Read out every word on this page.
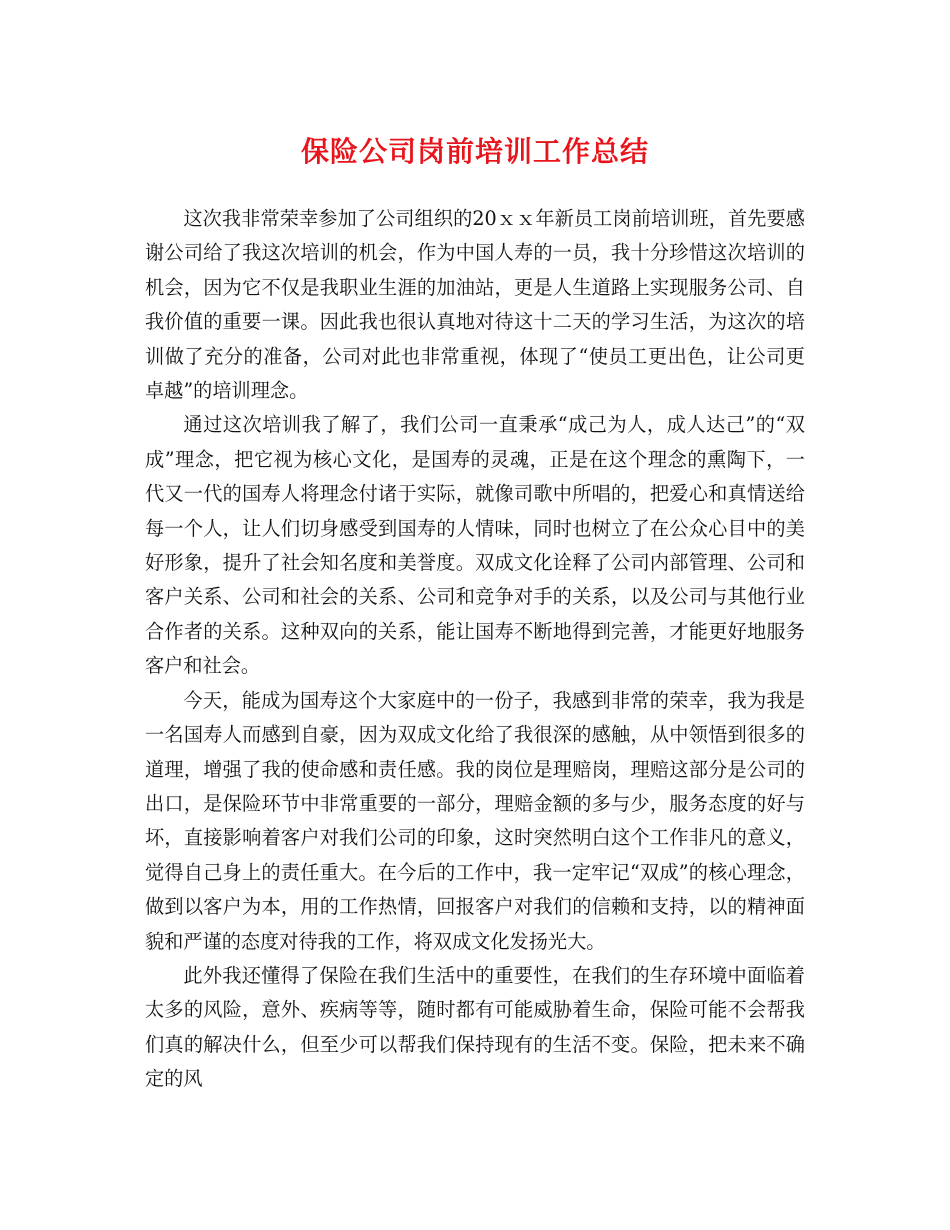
保险公司岗前培训工作总结

这次我非常荣幸参加了公司组织的20ｘｘ年新员工岗前培训班，首先要感谢公司给了我这次培训的机会，作为中国人寿的一员，我十分珍惜这次培训的机会，因为它不仅是我职业生涯的加油站，更是人生道路上实现服务公司、自我价值的重要一课。因此我也很认真地对待这十二天的学习生活，为这次的培训做了充分的准备，公司对此也非常重视，体现了“使员工更出色，让公司更卓越”的培训理念。

通过这次培训我了解了，我们公司一直秉承“成己为人，成人达己”的“双成”理念，把它视为核心文化，是国寿的灵魂，正是在这个理念的熏陶下，一代又一代的国寿人将理念付诸于实际，就像司歌中所唱的，把爱心和真情送给每一个人，让人们切身感受到国寿的人情味，同时也树立了在公众心目中的美好形象，提升了社会知名度和美誉度。双成文化诠释了公司内部管理、公司和客户关系、公司和社会的关系、公司和竞争对手的关系，以及公司与其他行业合作者的关系。这种双向的关系，能让国寿不断地得到完善，才能更好地服务客户和社会。

今天，能成为国寿这个大家庭中的一份子，我感到非常的荣幸，我为我是一名国寿人而感到自豪，因为双成文化给了我很深的感触，从中领悟到很多的道理，增强了我的使命感和责任感。我的岗位是理赔岗，理赔这部分是公司的出口，是保险环节中非常重要的一部分，理赔金额的多与少，服务态度的好与坏，直接影响着客户对我们公司的印象，这时突然明白这个工作非凡的意义，觉得自己身上的责任重大。在今后的工作中，我一定牢记“双成”的核心理念，做到以客户为本，用的工作热情，回报客户对我们的信赖和支持，以的精神面貌和严谨的态度对待我的工作，将双成文化发扬光大。

此外我还懂得了保险在我们生活中的重要性，在我们的生存环境中面临着太多的风险，意外、疾病等等，随时都有可能威胁着生命，保险可能不会帮我们真的解决什么，但至少可以帮我们保持现有的生活不变。保险，把未来不确定的风
